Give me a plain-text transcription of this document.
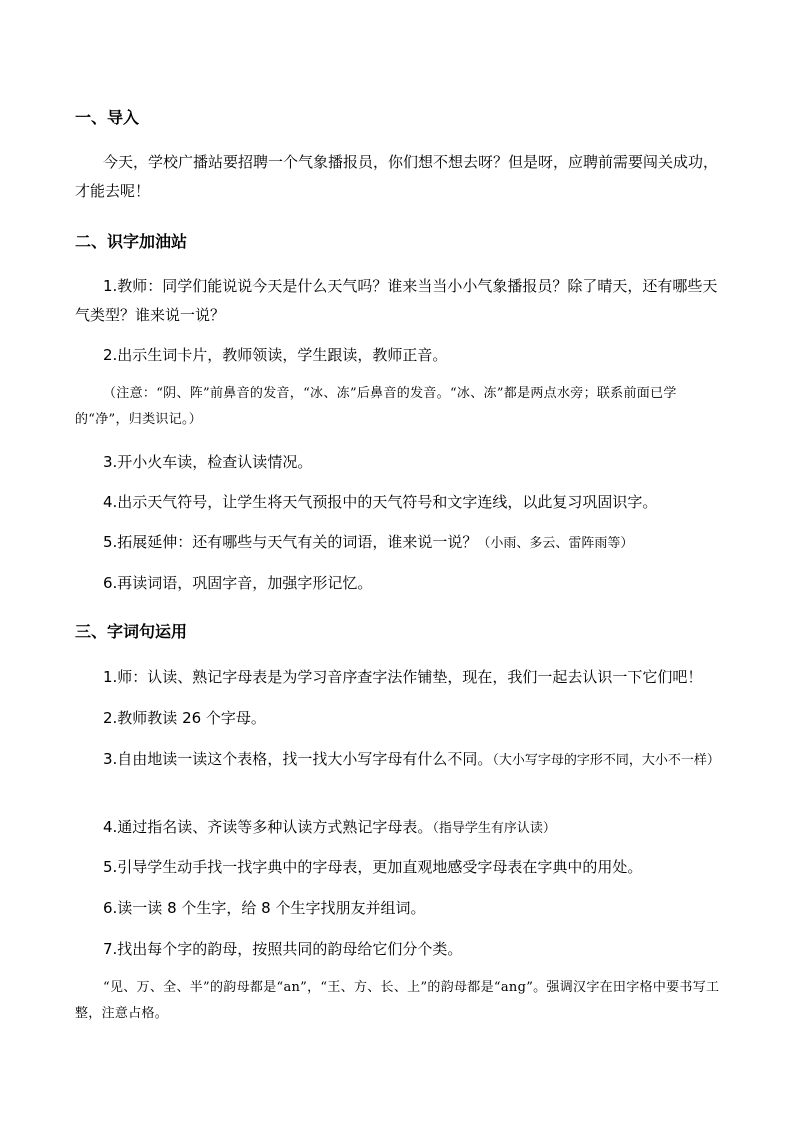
一、导入
今天，学校广播站要招聘一个气象播报员，你们想不想去呀？但是呀，应聘前需要闯关成功，才能去呢！
二、识字加油站
1.教师：同学们能说说今天是什么天气吗？谁来当当小小气象播报员？除了晴天，还有哪些天气类型？谁来说一说？
2.出示生词卡片，教师领读，学生跟读，教师正音。
（注意：“阴、阵”前鼻音的发音，“冰、冻”后鼻音的发音。“冰、冻”都是两点水旁；联系前面已学的“净”，归类识记。）
3.开小火车读，检查认读情况。
4.出示天气符号，让学生将天气预报中的天气符号和文字连线，以此复习巩固识字。
5.拓展延伸：还有哪些与天气有关的词语，谁来说一说？（小雨、多云、雷阵雨等）
6.再读词语，巩固字音，加强字形记忆。
三、字词句运用
1.师：认读、熟记字母表是为学习音序查字法作铺垫，现在，我们一起去认识一下它们吧！
2.教师教读 26 个字母。
3.自由地读一读这个表格，找一找大小写字母有什么不同。（大小写字母的字形不同，大小不一样）
4.通过指名读、齐读等多种认读方式熟记字母表。（指导学生有序认读）
5.引导学生动手找一找字典中的字母表，更加直观地感受字母表在字典中的用处。
6.读一读 8 个生字，给 8 个生字找朋友并组词。
7.找出每个字的韵母，按照共同的韵母给它们分个类。
“见、万、全、半”的韵母都是“an”，“王、方、长、上”的韵母都是“ang”。强调汉字在田字格中要书写工整，注意占格。
